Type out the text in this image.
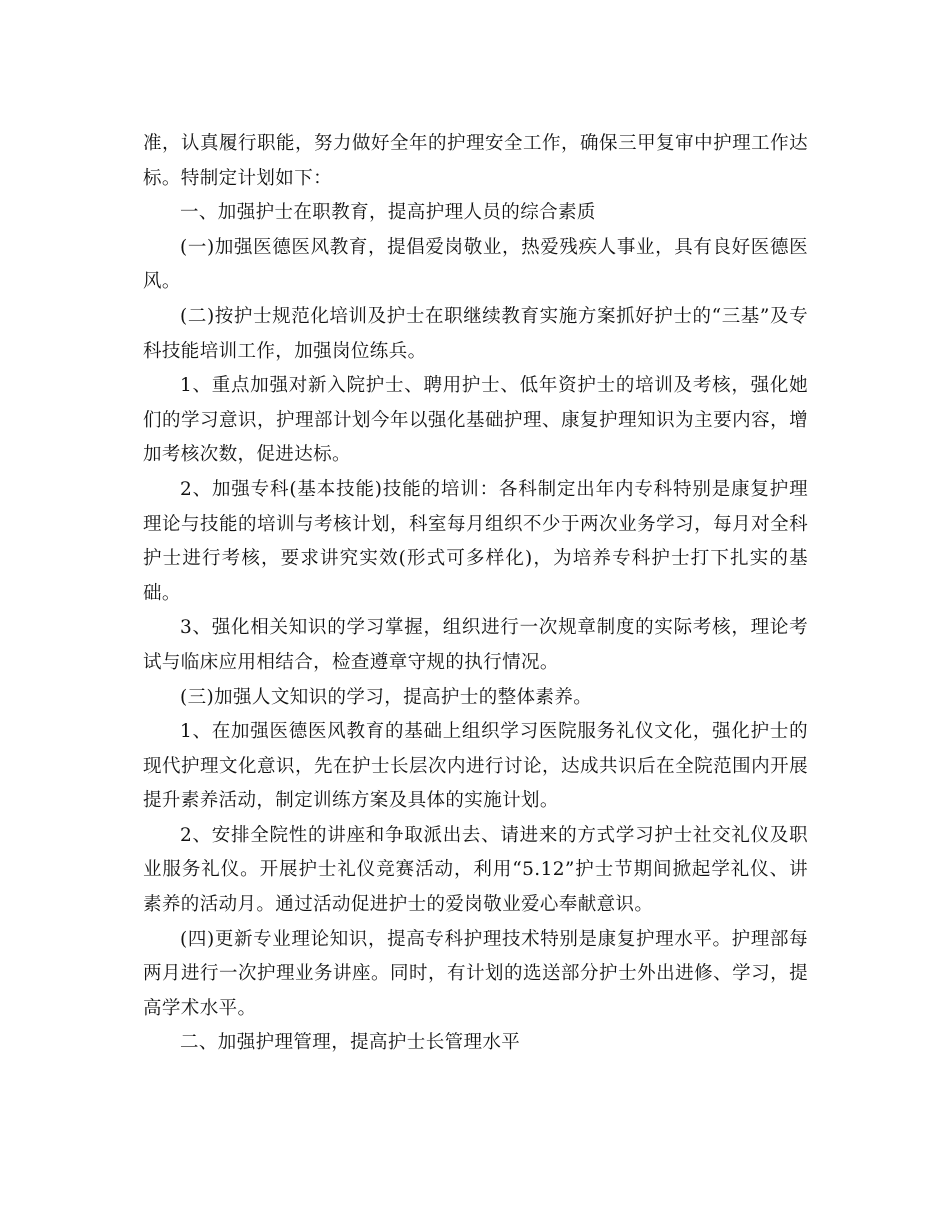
准，认真履行职能，努力做好全年的护理安全工作，确保三甲复审中护理工作达标。特制定计划如下：

一、加强护士在职教育，提高护理人员的综合素质

(一)加强医德医风教育，提倡爱岗敬业，热爱残疾人事业，具有良好医德医风。

(二)按护士规范化培训及护士在职继续教育实施方案抓好护士的“三基”及专科技能培训工作，加强岗位练兵。

1、重点加强对新入院护士、聘用护士、低年资护士的培训及考核，强化她们的学习意识，护理部计划今年以强化基础护理、康复护理知识为主要内容，增加考核次数，促进达标。

2、加强专科(基本技能)技能的培训：各科制定出年内专科特别是康复护理理论与技能的培训与考核计划，科室每月组织不少于两次业务学习，每月对全科护士进行考核，要求讲究实效(形式可多样化)，为培养专科护士打下扎实的基础。

3、强化相关知识的学习掌握，组织进行一次规章制度的实际考核，理论考试与临床应用相结合，检查遵章守规的执行情况。

(三)加强人文知识的学习，提高护士的整体素养。

1、在加强医德医风教育的基础上组织学习医院服务礼仪文化，强化护士的现代护理文化意识，先在护士长层次内进行讨论，达成共识后在全院范围内开展提升素养活动，制定训练方案及具体的实施计划。

2、安排全院性的讲座和争取派出去、请进来的方式学习护士社交礼仪及职业服务礼仪。开展护士礼仪竞赛活动，利用“5.12”护士节期间掀起学礼仪、讲素养的活动月。通过活动促进护士的爱岗敬业爱心奉献意识。

(四)更新专业理论知识，提高专科护理技术特别是康复护理水平。护理部每两月进行一次护理业务讲座。同时，有计划的选送部分护士外出进修、学习，提高学术水平。

二、加强护理管理，提高护士长管理水平
